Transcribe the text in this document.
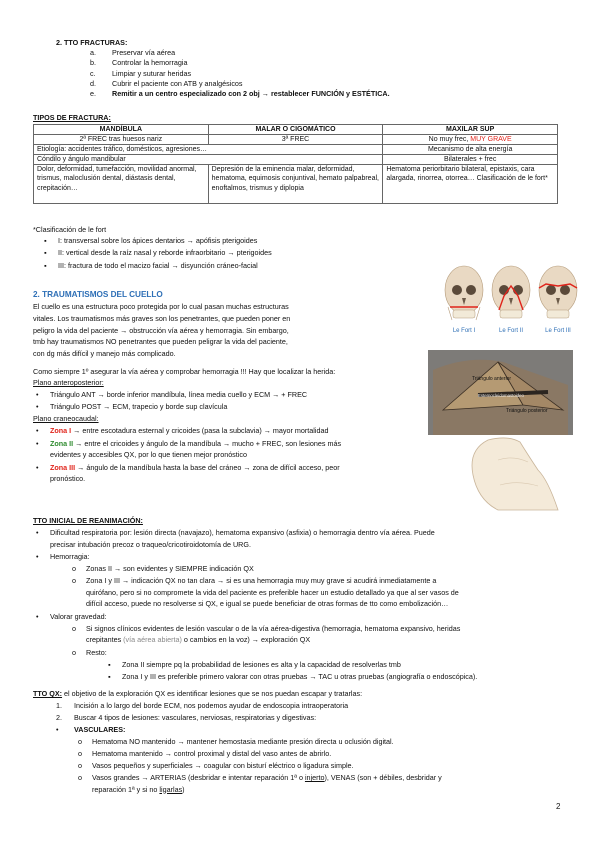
2. TTO FRACTURAS:
a.	Preservar vía aérea
b.	Controlar la hemorragia
c.	Limpiar y suturar heridas
d.	Cubrir el paciente con ATB y analgésicos
e.	Remitir a un centro especializado con 2 obj → restablecer FUNCIÓN y ESTÉTICA.
TIPOS DE FRACTURA:
MANDÍBULA	MALAR O CIGOMÁTICO	MAXILAR SUP
2ª FREC tras huesos nariz	3ª FREC	No muy frec, MUY GRAVE
Etiología: accidentes tráfico, domésticos, agresiones…		Mecanismo de alta energía
Cóndilo y ángulo mandibular		Bilaterales + frec
Dolor, deformidad, tumefacción, movilidad anormal, trismus, maloclusión dental, diástasis dental, crepitación…	Depresión de la eminencia malar, deformidad, hematoma, equimosis conjuntival, hemato palpabreal, enoftalmos, trismus y diplopia	Hematoma periorbitario bilateral, epistaxis, cara alargada, rinorrea, otorrea… Clasificación de le fort*
*Clasificación de le fort
▪	I: transversal sobre los ápices dentarios → apófisis pterigoides
▪	II: vertical desde la raíz nasal y reborde infraorbitario → pterigoides
▪	III: fractura de todo el macizo facial → disyunción cráneo-facial
Le Fort I	Le Fort II	Le Fort III
2. TRAUMATISMOS DEL CUELLO
El cuello es una estructura poco protegida por lo cual pasan muchas estructuras
vitales. Los traumatismos más graves son los penetrantes, que pueden poner en
peligro la vida del paciente → obstrucción vía aérea y hemorragia. Sin embargo,
tmb hay traumatismos NO penetrantes que pueden peligrar la vida del paciente,
con dg más difícil y manejo más complicado.
Como siempre 1º asegurar la vía aérea y comprobar hemorragia !!! Hay que localizar la herida:
Plano anteroposterior:
•	Triángulo ANT → borde inferior mandíbula, línea media cuello y ECM → + FREC
•	Triángulo POST → ECM, trapecio y borde sup clavícula
Plano craneocaudal:
•	Zona I → entre escotadura esternal y cricoides (pasa la subclavia) → mayor mortalidad
•	Zona II → entre el cricoides y ángulo de la mandíbula → mucho + FREC, son lesiones más
evidentes y accesibles QX, por lo que tienen mejor pronóstico
•	Zona III → ángulo de la mandíbula hasta la base del cráneo → zona de difícil acceso, peor
pronóstico.
Triángulo anterior
Esternocleidomastoideo
Triángulo posterior
TTO INICIAL DE REANIMACIÓN:
•	Dificultad respiratoria por: lesión directa (navajazo), hematoma expansivo (asfixia) o hemorragia dentro vía aérea. Puede
precisar intubación precoz o traqueo/cricotiroidotomía de URG.
•	Hemorragia:
o	Zonas II → son evidentes y SIEMPRE indicación QX
o	Zona I y III → indicación QX no tan clara → si es una hemorragia muy muy grave si acudirá inmediatamente a
quirófano, pero si no compromete la vida del paciente es preferible hacer un estudio detallado ya que al ser vasos de
difícil acceso, puede no resolverse si QX, e igual se puede beneficiar de otras formas de tto como embolización…
•	Valorar gravedad:
o	Si signos clínicos evidentes de lesión vascular o de la vía aérea-digestiva (hemorragia, hematoma expansivo, heridas
crepitantes (vía aérea abierta) o cambios en la voz) → exploración QX
o	Resto:
▪	Zona II siempre pq la probabilidad de lesiones es alta y la capacidad de resolverlas tmb
▪	Zona I y III es preferible primero valorar con otras pruebas → TAC u otras pruebas (angiografía o endoscópica).
TTO QX: el objetivo de la exploración QX es identificar lesiones que se nos puedan escapar y tratarlas:
1.	Incisión a lo largo del borde ECM, nos podemos ayudar de endoscopia intraoperatoria
2.	Buscar 4 tipos de lesiones: vasculares, nerviosas, respiratorias y digestivas:
•	VASCULARES:
o	Hematoma NO mantenido → mantener hemostasia mediante presión directa u oclusión digital.
o	Hematoma mantenido → control proximal y distal del vaso antes de abrirlo.
o	Vasos pequeños y superficiales → coagular con bisturí eléctrico o ligadura simple.
o	Vasos grandes → ARTERIAS (desbridar e intentar reparación 1ª o injerto), VENAS (son + débiles, desbridar y
reparación 1ª y si no ligarlas)
2
